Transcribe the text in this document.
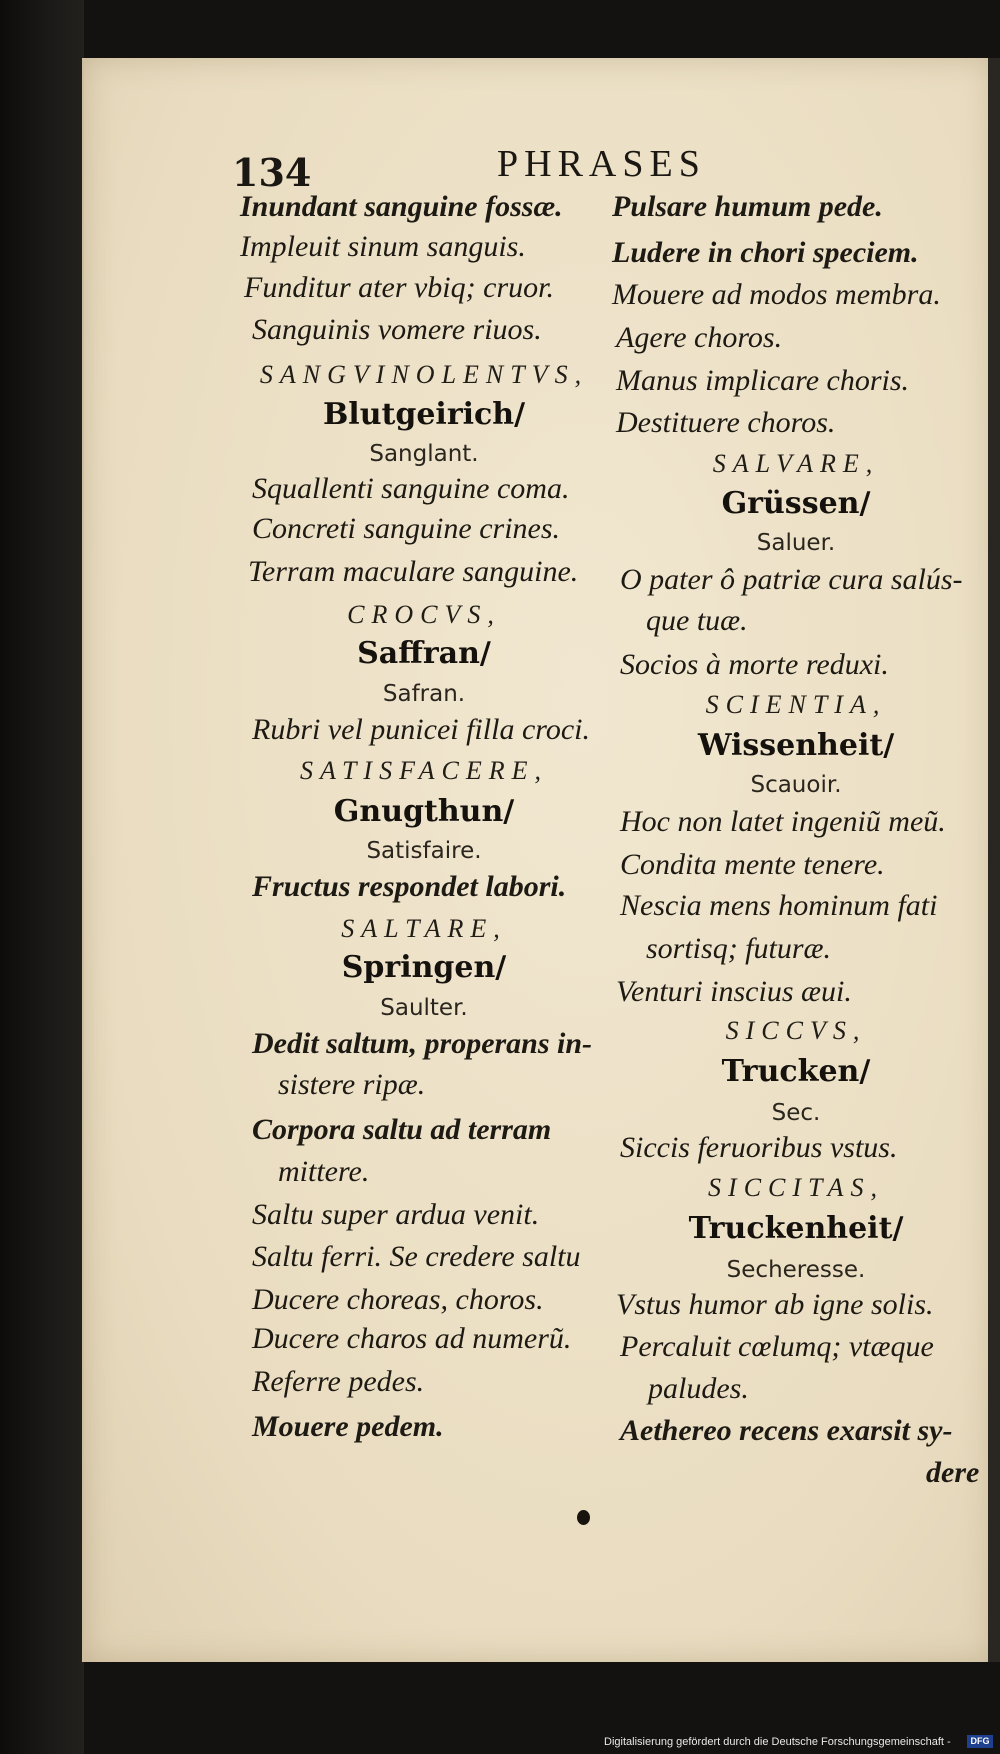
134	PHRASES
Inundant sanguine fossæ.
Impleuit sinum sanguis.
Funditur ater vbiq; cruor.
Sanguinis vomere riuos.
SANGVINOLENTVS,
Blutgeirich/
Sanglant.
Squallenti sanguine coma.
Concreti sanguine crines.
Terram maculare sanguine.
CROCVS,
Saffran/
Safran.
Rubri vel punicei filla croci.
SATISFACERE,
Gnugthun/
Satisfaire.
Fructus respondet labori.
SALTARE,
Springen/
Saulter.
Dedit saltum, properans in-
sistere ripæ.
Corpora saltu ad terram
mittere.
Saltu super ardua venit.
Saltu ferri. Se credere saltu
Ducere choreas, choros.
Ducere charos ad numerũ.
Referre pedes.
Mouere pedem.
Pulsare humum pede.
Ludere in chori speciem.
Mouere ad modos membra.
Agere choros.
Manus implicare choris.
Destituere choros.
SALVARE,
Grüssen/
Saluer.
O pater ô patriæ cura salús-
que tuæ.
Socios à morte reduxi.
SCIENTIA,
Wissenheit/
Scauoir.
Hoc non latet ingeniũ meũ.
Condita mente tenere.
Nescia mens hominum fati
sortisq; futuræ.
Venturi inscius æui.
SICCVS,
Trucken/
Sec.
Siccis feruoribus vstus.
SICCITAS,
Truckenheit/
Secheresse.
Vstus humor ab igne solis.
Percaluit cœlumq; vtæque
paludes.
Aethereo recens exarsit sy-
dere
Digitalisierung gefördert durch die Deutsche Forschungsgemeinschaft -	DFG
